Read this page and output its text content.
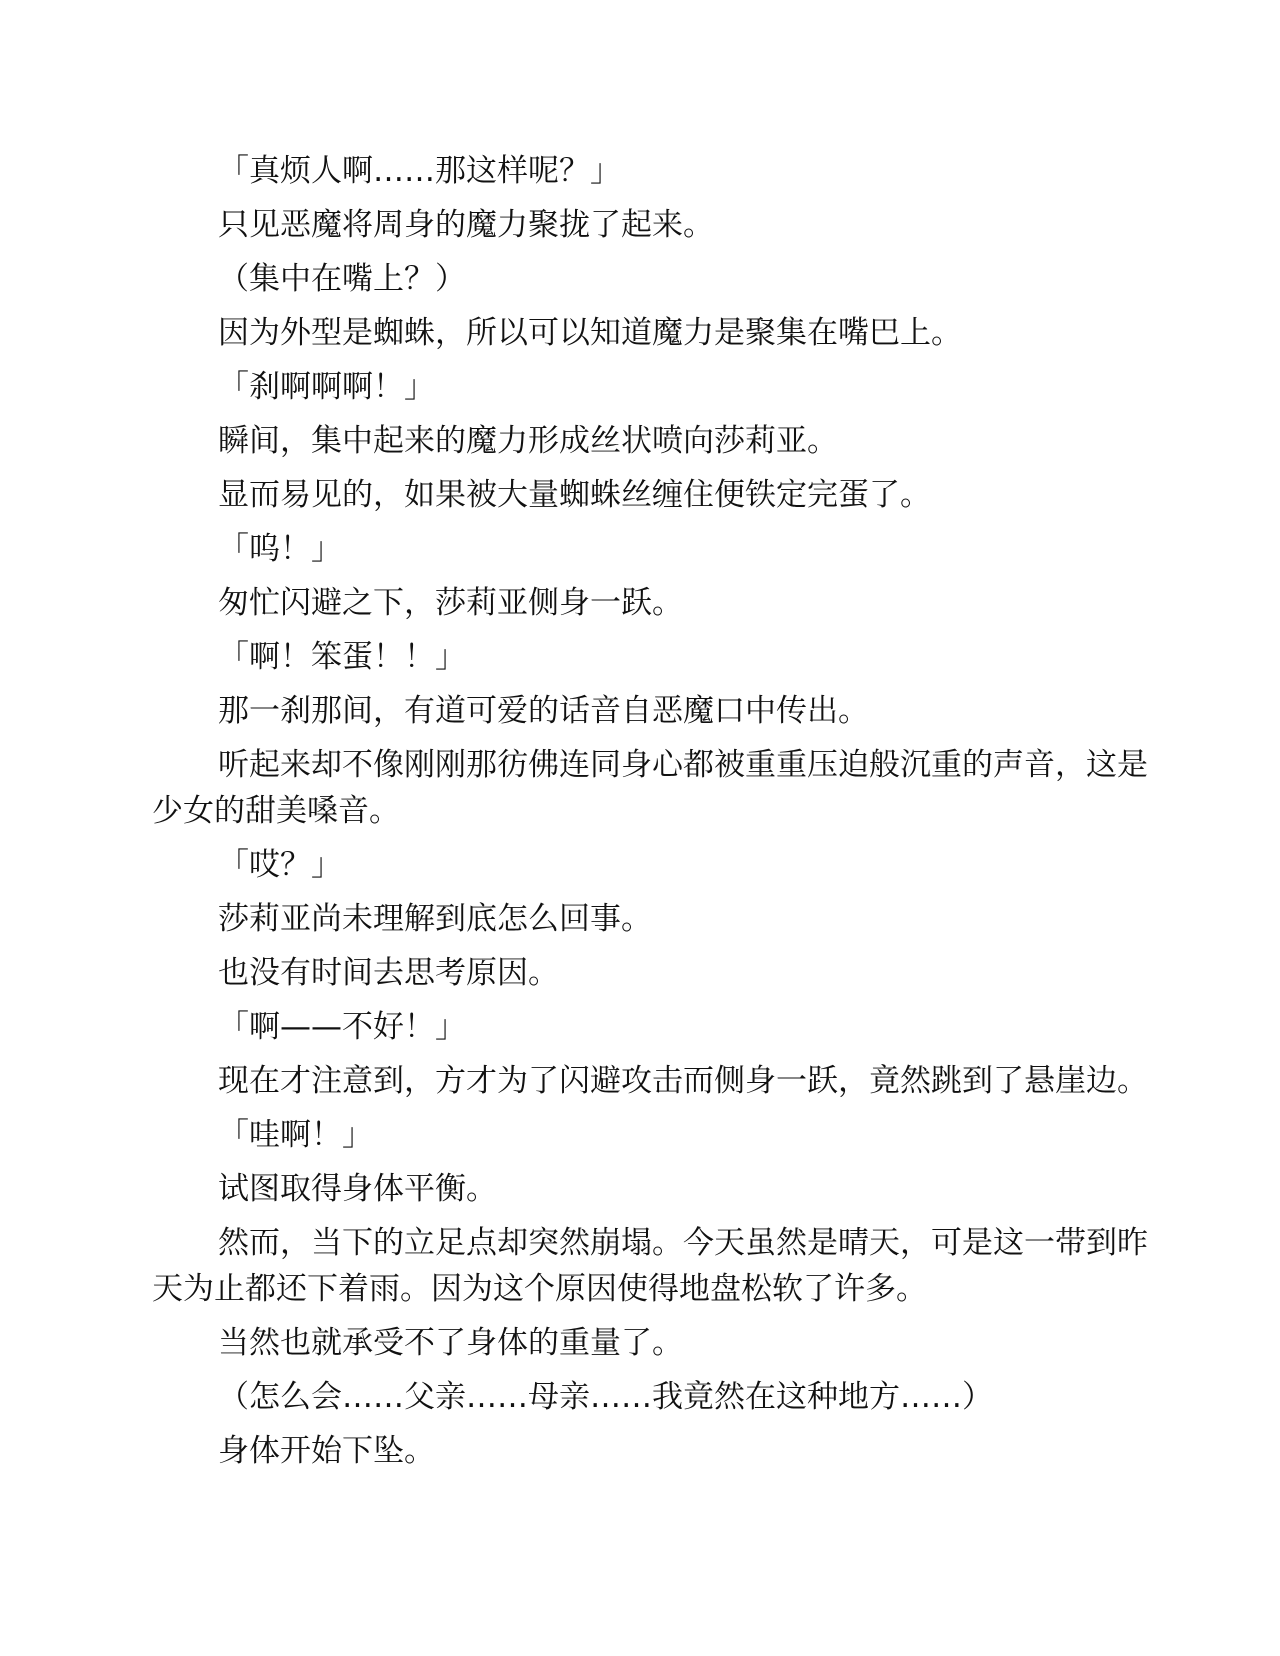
「真烦人啊……那这样呢？」

只见恶魔将周身的魔力聚拢了起来。

（集中在嘴上？）

因为外型是蜘蛛，所以可以知道魔力是聚集在嘴巴上。

「刹啊啊啊！」

瞬间，集中起来的魔力形成丝状喷向莎莉亚。

显而易见的，如果被大量蜘蛛丝缠住便铁定完蛋了。

「呜！」

匆忙闪避之下，莎莉亚侧身一跃。

「啊！笨蛋！！」

那一刹那间，有道可爱的话音自恶魔口中传出。

听起来却不像刚刚那彷佛连同身心都被重重压迫般沉重的声音，这是少女的甜美嗓音。

「哎？」

莎莉亚尚未理解到底怎么回事。

也没有时间去思考原因。

「啊——不好！」

现在才注意到，方才为了闪避攻击而侧身一跃，竟然跳到了悬崖边。

「哇啊！」

试图取得身体平衡。

然而，当下的立足点却突然崩塌。今天虽然是晴天，可是这一带到昨天为止都还下着雨。因为这个原因使得地盘松软了许多。

当然也就承受不了身体的重量了。

（怎么会……父亲……母亲……我竟然在这种地方……）

身体开始下坠。
